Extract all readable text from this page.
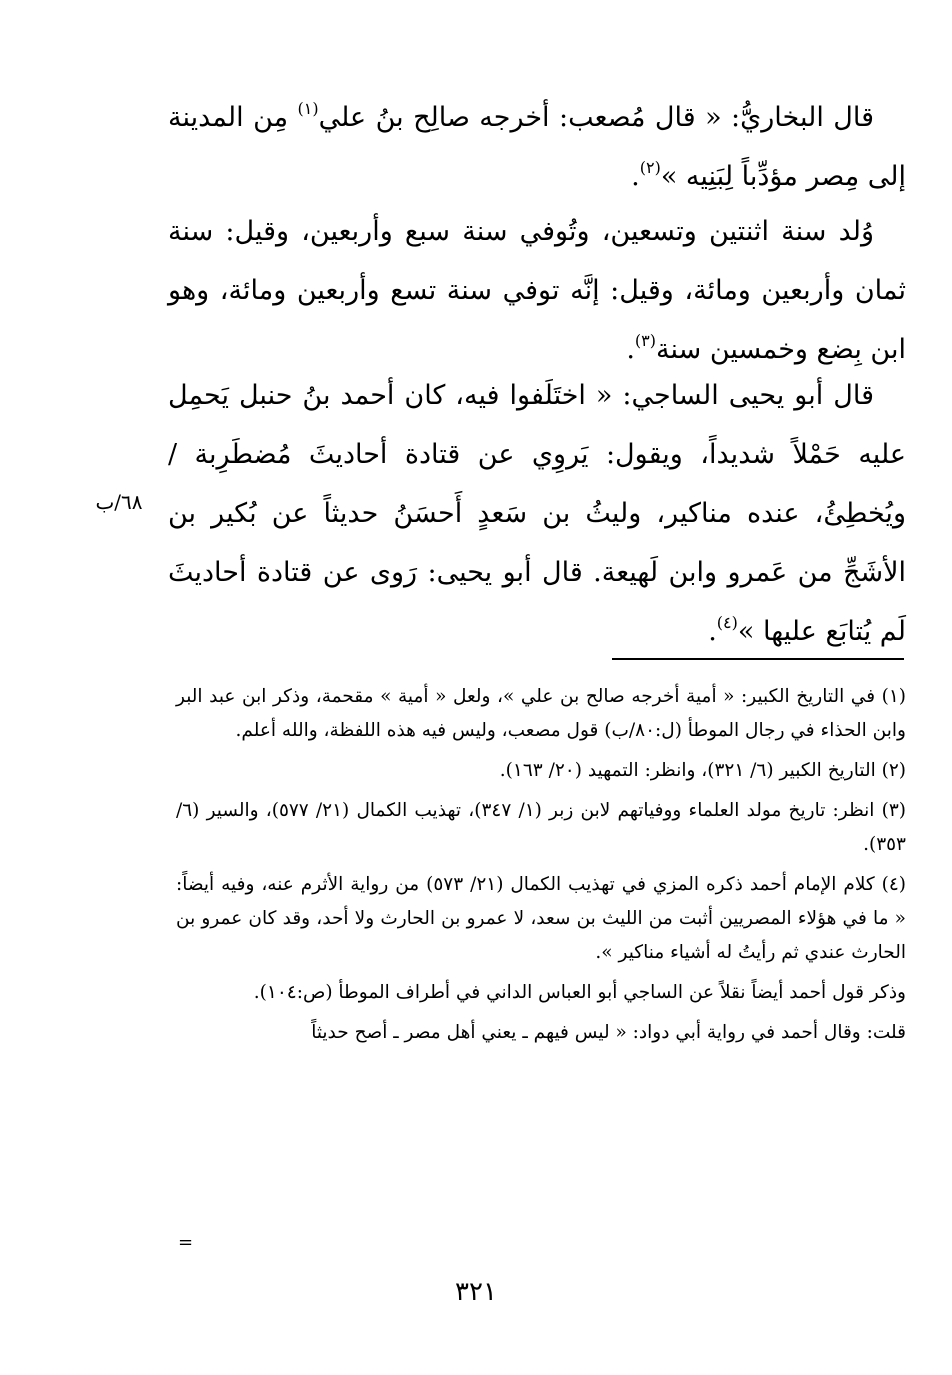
قال البخاريُّ: « قال مُصعب: أخرجه صالِح بنُ علي$^{(١)}$ مِن المدينة إلى مِصر مؤدِّباً لِبَنِيه »$^{(٢)}$.

وُلد سنة اثنتين وتسعين، وتُوفي سنة سبع وأربعين، وقيل: سنة ثمان وأربعين ومائة، وقيل: إنَّه توفي سنة تسع وأربعين ومائة، وهو ابن بِضع وخمسين سنة$^{(٣)}$.

قال أبو يحيى الساجي: « اختَلَفوا فيه، كان أحمد بنُ حنبل يَحمِل عليه حَمْلاً شديداً، ويقول: يَروِي عن قتادة أحاديثَ مُضطَرِبة / ويُخطِئُ، عنده مناكير، وليثُ بن سَعدٍ أَحسَنُ حديثاً عن بُكير بن الأشَجِّ من عَمرو وابن لَهيعة. قال أبو يحيى: رَوى عن قتادة أحاديثَ لَم يُتابَع عليها »$^{(٤)}$.

٦٨/ب

(١) في التاريخ الكبير: « أمية أخرجه صالح بن علي »، ولعل « أمية » مقحمة، وذكر ابن عبد البر وابن الحذاء في رجال الموطأ (ل:٨٠/ب) قول مصعب، وليس فيه هذه اللفظة، والله أعلم.

(٢) التاريخ الكبير (٦/ ٣٢١)، وانظر: التمهيد (٢٠/ ١٦٣).

(٣) انظر: تاريخ مولد العلماء ووفياتهم لابن زبر (١/ ٣٤٧)، تهذيب الكمال (٢١/ ٥٧٧)، والسير (٦/ ٣٥٣).

(٤) كلام الإمام أحمد ذكره المزي في تهذيب الكمال (٢١/ ٥٧٣) من رواية الأثرم عنه، وفيه أيضاً: « ما في هؤلاء المصريين أثبت من الليث بن سعد، لا عمرو بن الحارث ولا أحد، وقد كان عمرو بن الحارث عندي ثم رأيتُ له أشياء مناكير ».

وذكر قول أحمد أيضاً نقلاً عن الساجي أبو العباس الداني في أطراف الموطأ (ص:١٠٤).

قلت: وقال أحمد في رواية أبي دواد: « ليس فيهم ـ يعني أهل مصر ـ أصح حديثاً

=
٣٢١
